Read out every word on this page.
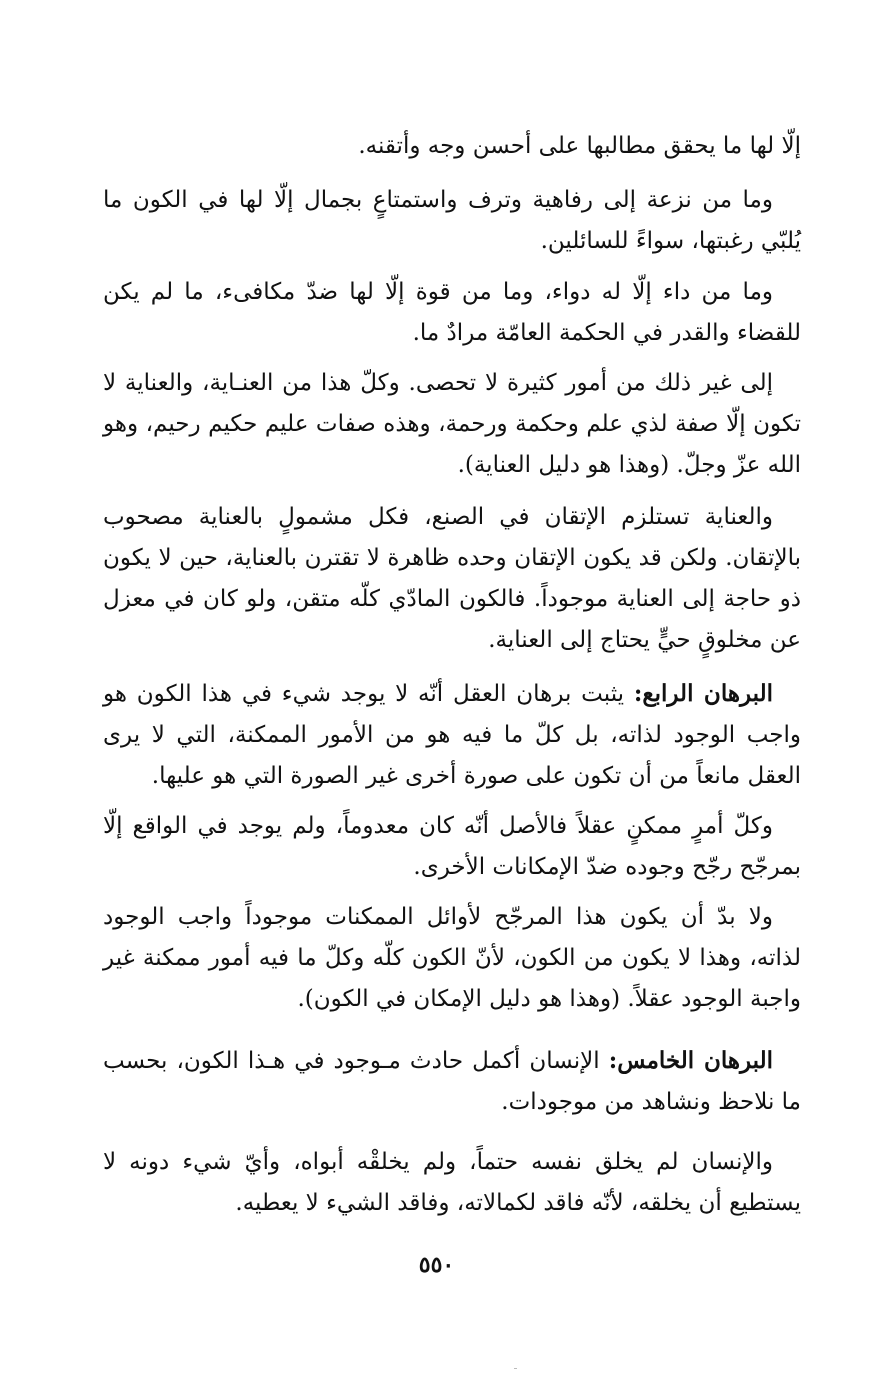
إلّا لها ما يحقق مطالبها على أحسن وجه وأتقنه.

وما من نزعة إلى رفاهية وترف واستمتاعٍ بجمال إلّا لها في الكون ما يُلبّي رغبتها، سواءً للسائلين.

وما من داء إلّا له دواء، وما من قوة إلّا لها ضدّ مكافىء، ما لم يكن للقضاء والقدر في الحكمة العامّة مرادٌ ما.

إلى غير ذلك من أمور كثيرة لا تحصى. وكلّ هذا من العنـاية، والعناية لا تكون إلّا صفة لذي علم وحكمة ورحمة، وهذه صفات عليم حكيم رحيم، وهو الله عزّ وجلّ. (وهذا هو دليل العناية).

والعناية تستلزم الإتقان في الصنع، فكل مشمولٍ بالعناية مصحوب بالإتقان. ولكن قد يكون الإتقان وحده ظاهرة لا تقترن بالعناية، حين لا يكون ذو حاجة إلى العناية موجوداً. فالكون المادّي كلّه متقن، ولو كان في معزل عن مخلوقٍ حيٍّ يحتاج إلى العناية.

البرهان الرابع: يثبت برهان العقل أنّه لا يوجد شيء في هذا الكون هو واجب الوجود لذاته، بل كلّ ما فيه هو من الأمور الممكنة، التي لا يرى العقل مانعاً من أن تكون على صورة أخرى غير الصورة التي هو عليها.

وكلّ أمرٍ ممكنٍ عقلاً فالأصل أنّه كان معدوماً، ولم يوجد في الواقع إلّا بمرجّح رجّح وجوده ضدّ الإمكانات الأخرى.

ولا بدّ أن يكون هذا المرجّح لأوائل الممكنات موجوداً واجب الوجود لذاته، وهذا لا يكون من الكون، لأنّ الكون كلّه وكلّ ما فيه أمور ممكنة غير واجبة الوجود عقلاً. (وهذا هو دليل الإمكان في الكون).

البرهان الخامس: الإنسان أكمل حادث مـوجود في هـذا الكون، بحسب ما نلاحظ ونشاهد من موجودات.

والإنسان لم يخلق نفسه حتماً، ولم يخلقْه أبواه، وأيّ شيء دونه لا يستطيع أن يخلقه، لأنّه فاقد لكمالاته، وفاقد الشيء لا يعطيه.

٥٥٠
